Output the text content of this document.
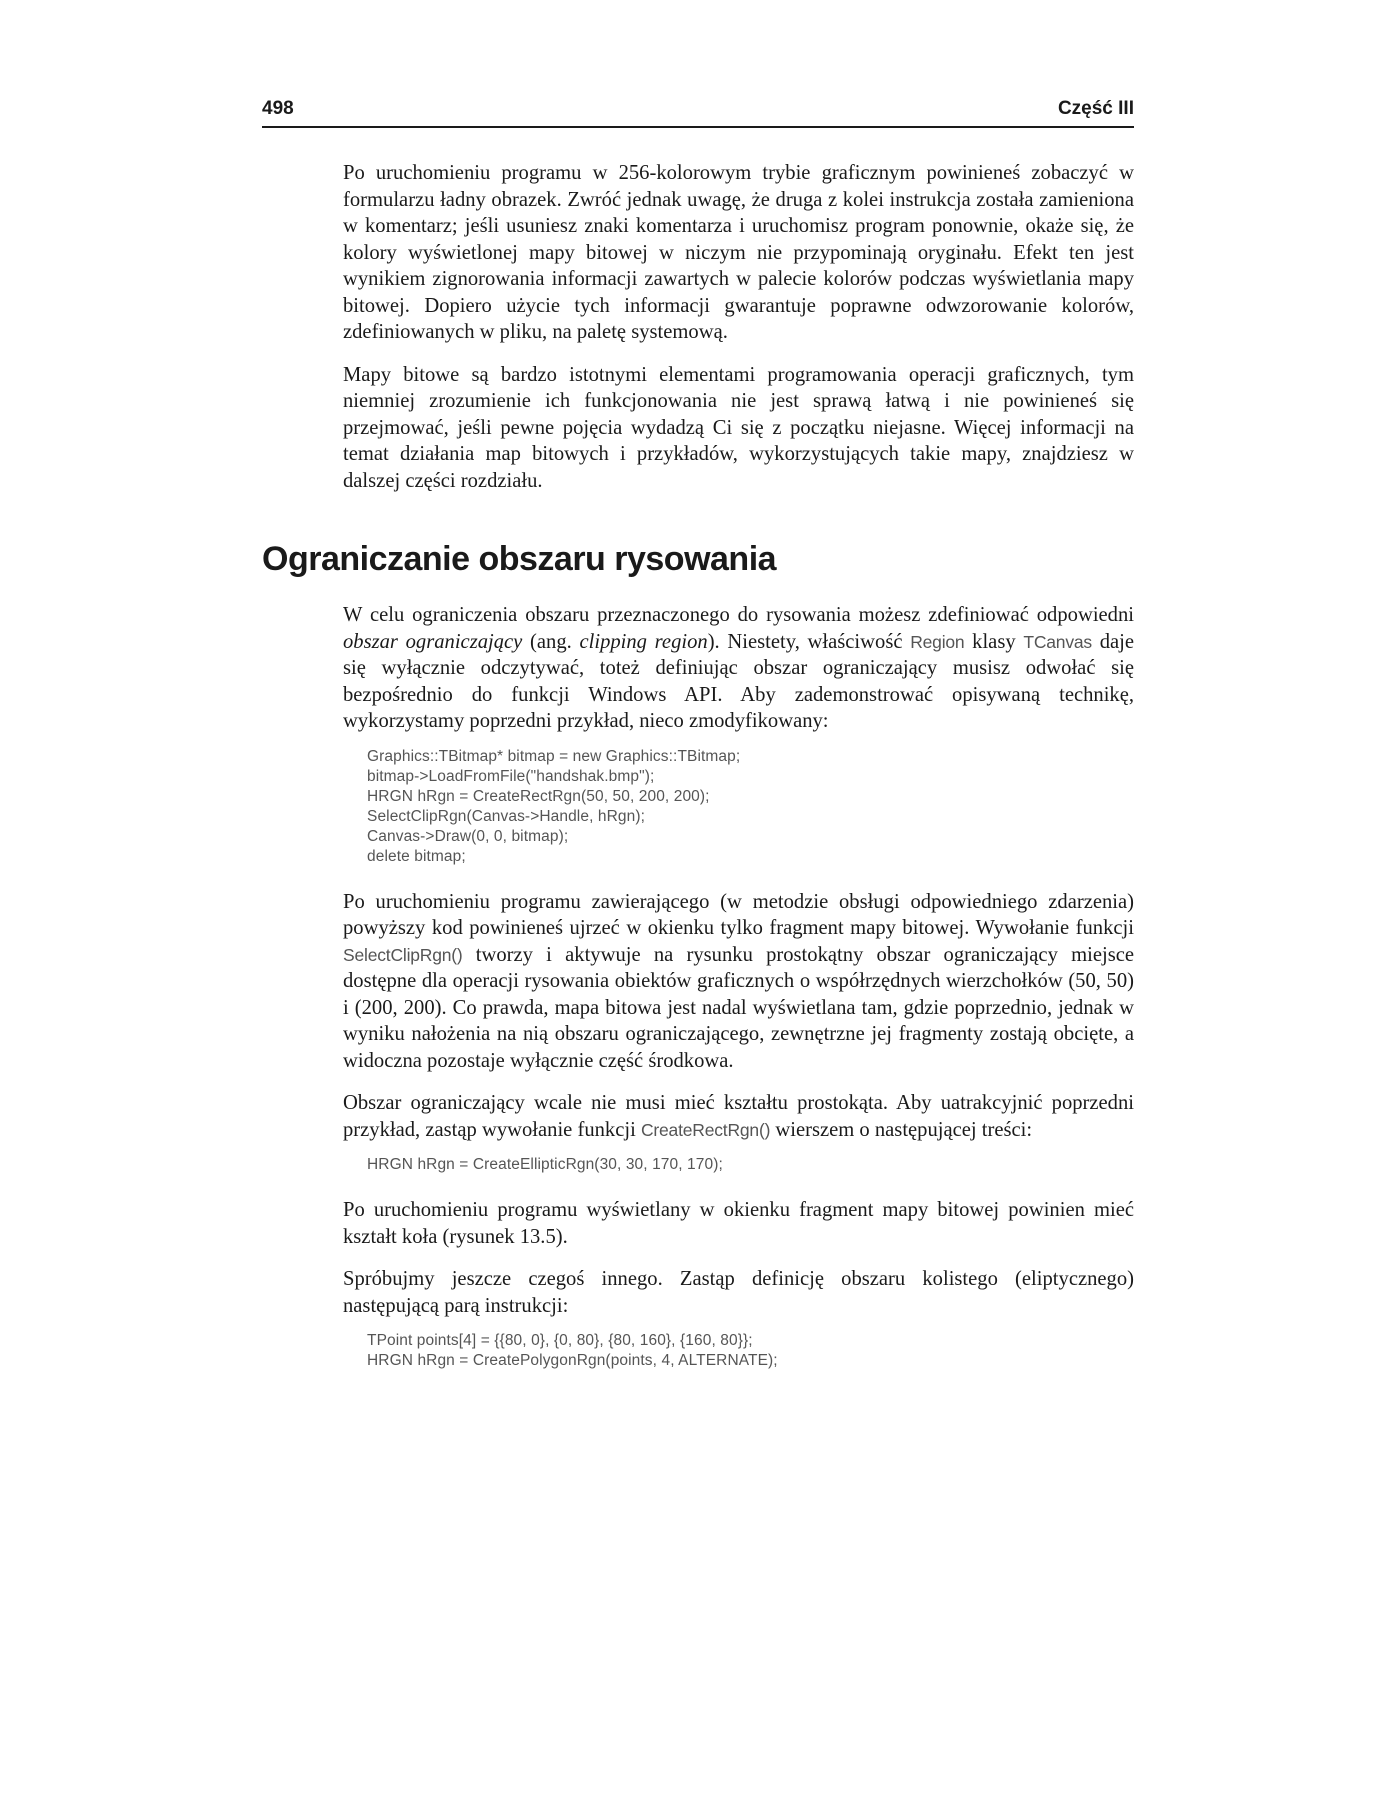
498	Część III

Po uruchomieniu programu w 256-kolorowym trybie graficznym powinieneś zobaczyć w formularzu ładny obrazek. Zwróć jednak uwagę, że druga z kolei instrukcja została zamieniona w komentarz; jeśli usuniesz znaki komentarza i uruchomisz program ponownie, okaże się, że kolory wyświetlonej mapy bitowej w niczym nie przypominają oryginału. Efekt ten jest wynikiem zignorowania informacji zawartych w palecie kolorów podczas wyświetlania mapy bitowej. Dopiero użycie tych informacji gwarantuje poprawne odwzorowanie kolorów, zdefiniowanych w pliku, na paletę systemową.

Mapy bitowe są bardzo istotnymi elementami programowania operacji graficznych, tym niemniej zrozumienie ich funkcjonowania nie jest sprawą łatwą i nie powinieneś się przejmować, jeśli pewne pojęcia wydadzą Ci się z początku niejasne. Więcej informacji na temat działania map bitowych i przykładów, wykorzystujących takie mapy, znajdziesz w dalszej części rozdziału.

Ograniczanie obszaru rysowania

W celu ograniczenia obszaru przeznaczonego do rysowania możesz zdefiniować odpowiedni obszar ograniczający (ang. clipping region). Niestety, właściwość Region klasy TCanvas daje się wyłącznie odczytywać, toteż definiując obszar ograniczający musisz odwołać się bezpośrednio do funkcji Windows API. Aby zademonstrować opisywaną technikę, wykorzystamy poprzedni przykład, nieco zmodyfikowany:

Graphics::TBitmap* bitmap = new Graphics::TBitmap;
bitmap->LoadFromFile("handshak.bmp");
HRGN hRgn = CreateRectRgn(50, 50, 200, 200);
SelectClipRgn(Canvas->Handle, hRgn);
Canvas->Draw(0, 0, bitmap);
delete bitmap;

Po uruchomieniu programu zawierającego (w metodzie obsługi odpowiedniego zdarzenia) powyższy kod powinieneś ujrzeć w okienku tylko fragment mapy bitowej. Wywołanie funkcji SelectClipRgn() tworzy i aktywuje na rysunku prostokątny obszar ograniczający miejsce dostępne dla operacji rysowania obiektów graficznych o współrzędnych wierzchołków (50, 50) i (200, 200). Co prawda, mapa bitowa jest nadal wyświetlana tam, gdzie poprzednio, jednak w wyniku nałożenia na nią obszaru ograniczającego, zewnętrzne jej fragmenty zostają obcięte, a widoczna pozostaje wyłącznie część środkowa.

Obszar ograniczający wcale nie musi mieć kształtu prostokąta. Aby uatrakcyjnić poprzedni przykład, zastąp wywołanie funkcji CreateRectRgn() wierszem o następującej treści:

HRGN hRgn = CreateEllipticRgn(30, 30, 170, 170);

Po uruchomieniu programu wyświetlany w okienku fragment mapy bitowej powinien mieć kształt koła (rysunek 13.5).

Spróbujmy jeszcze czegoś innego. Zastąp definicję obszaru kolistego (eliptycznego) następującą parą instrukcji:

TPoint points[4] = {{80, 0}, {0, 80}, {80, 160}, {160, 80}};
HRGN hRgn = CreatePolygonRgn(points, 4, ALTERNATE);
